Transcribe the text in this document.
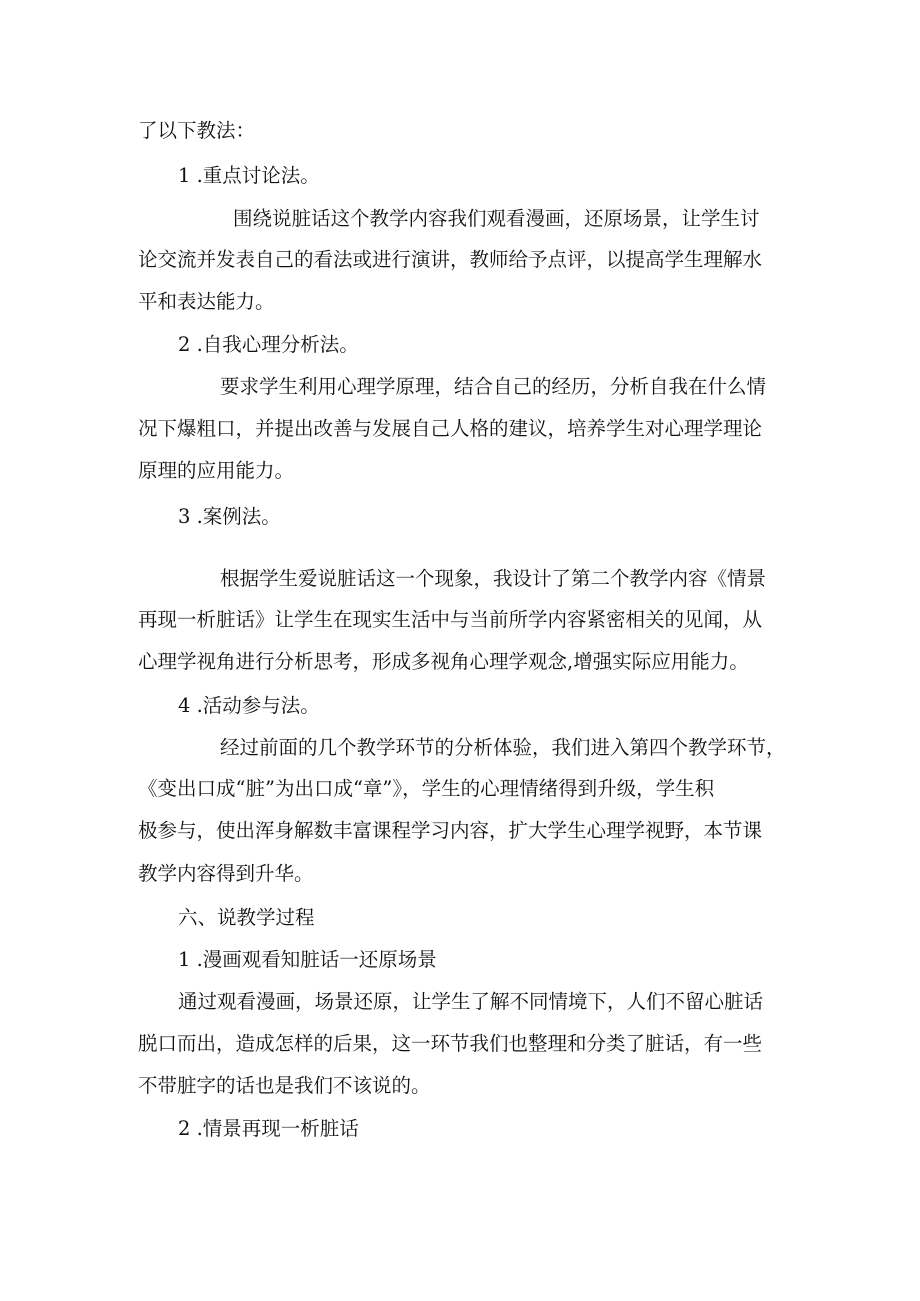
了以下教法：
1 .重点讨论法。
围绕说脏话这个教学内容我们观看漫画，还原场景，让学生讨
论交流并发表自己的看法或进行演讲，教师给予点评，以提高学生理解水
平和表达能力。
2 .自我心理分析法。
要求学生利用心理学原理，结合自己的经历，分析自我在什么情
况下爆粗口，并提出改善与发展自己人格的建议，培养学生对心理学理论
原理的应用能力。
3 .案例法。
根据学生爱说脏话这一个现象，我设计了第二个教学内容《情景
再现一析脏话》让学生在现实生活中与当前所学内容紧密相关的见闻，从
心理学视角进行分析思考，形成多视角心理学观念,增强实际应用能力。
4 .活动参与法。
经过前面的几个教学环节的分析体验，我们进入第四个教学环节，
《变出口成“脏”为出口成“章”》，学生的心理情绪得到升级，学生积
极参与，使出浑身解数丰富课程学习内容，扩大学生心理学视野，本节课
教学内容得到升华。
六、说教学过程
1 .漫画观看知脏话一还原场景
通过观看漫画，场景还原，让学生了解不同情境下，人们不留心脏话
脱口而出，造成怎样的后果，这一环节我们也整理和分类了脏话，有一些
不带脏字的话也是我们不该说的。
2 .情景再现一析脏话
